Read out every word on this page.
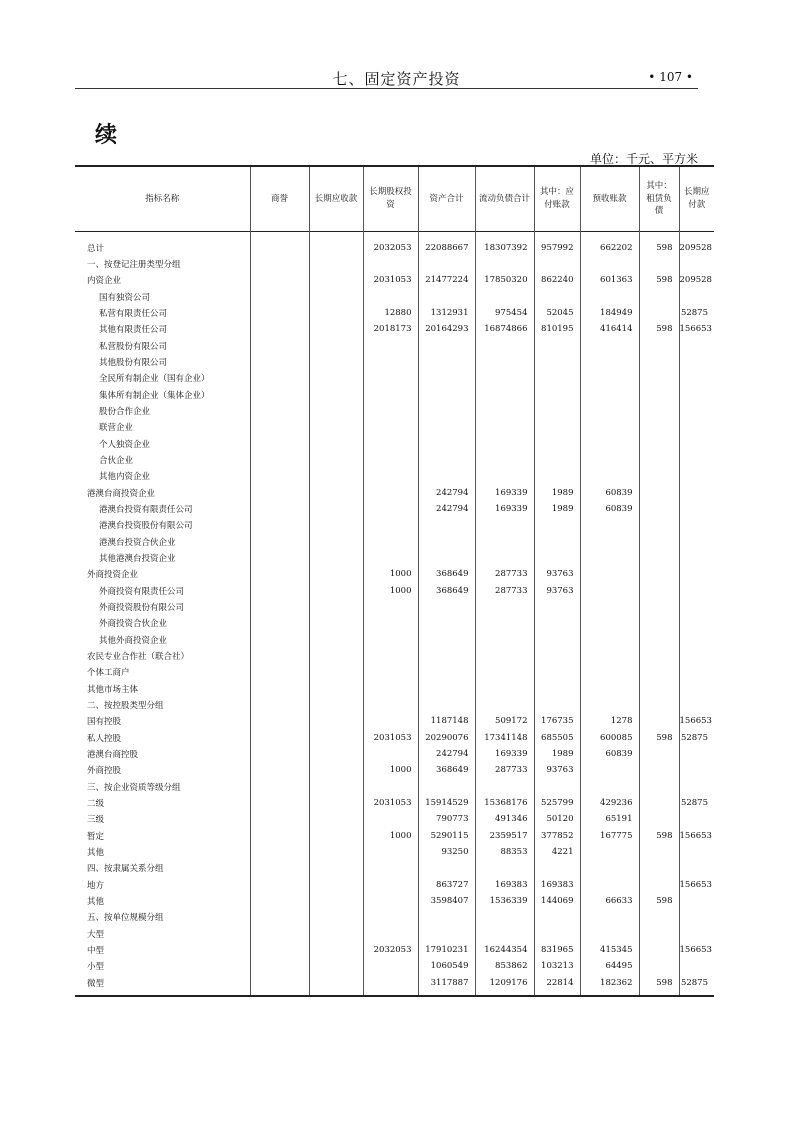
七、固定资产投资	• 107 •
续
单位：千元、平方米
指标名称	商誉	长期应收款	长期股权投资	资产合计	流动负债合计	其中：应付账款	预收账款	其中：租赁负债	长期应付款
总计			2032053	22088667	18307392	957992	662202	598	209528
一、按登记注册类型分组									
内资企业			2031053	21477224	17850320	862240	601363	598	209528
国有独资公司									
私营有限责任公司			12880	1312931	975454	52045	184949		52875
其他有限责任公司			2018173	20164293	16874866	810195	416414	598	156653
私营股份有限公司									
其他股份有限公司									
全民所有制企业（国有企业）									
集体所有制企业（集体企业）									
股份合作企业									
联营企业									
个人独资企业									
合伙企业									
其他内资企业									
港澳台商投资企业				242794	169339	1989	60839		
港澳台投资有限责任公司				242794	169339	1989	60839		
港澳台投资股份有限公司									
港澳台投资合伙企业									
其他港澳台投资企业									
外商投资企业			1000	368649	287733	93763			
外商投资有限责任公司			1000	368649	287733	93763			
外商投资股份有限公司									
外商投资合伙企业									
其他外商投资企业									
农民专业合作社（联合社）									
个体工商户									
其他市场主体									
二、按控股类型分组									
国有控股				1187148	509172	176735	1278		156653
私人控股			2031053	20290076	17341148	685505	600085	598	52875
港澳台商控股				242794	169339	1989	60839		
外商控股			1000	368649	287733	93763			
三、按企业资质等级分组									
二级			2031053	15914529	15368176	525799	429236		52875
三级				790773	491346	50120	65191		
暂定			1000	5290115	2359517	377852	167775	598	156653
其他				93250	88353	4221			
四、按隶属关系分组									
地方				863727	169383	169383			156653
其他				3598407	1536339	144069	66633	598	
五、按单位规模分组									
大型									
中型			2032053	17910231	16244354	831965	415345		156653
小型				1060549	853862	103213	64495		
微型				3117887	1209176	22814	182362	598	52875
